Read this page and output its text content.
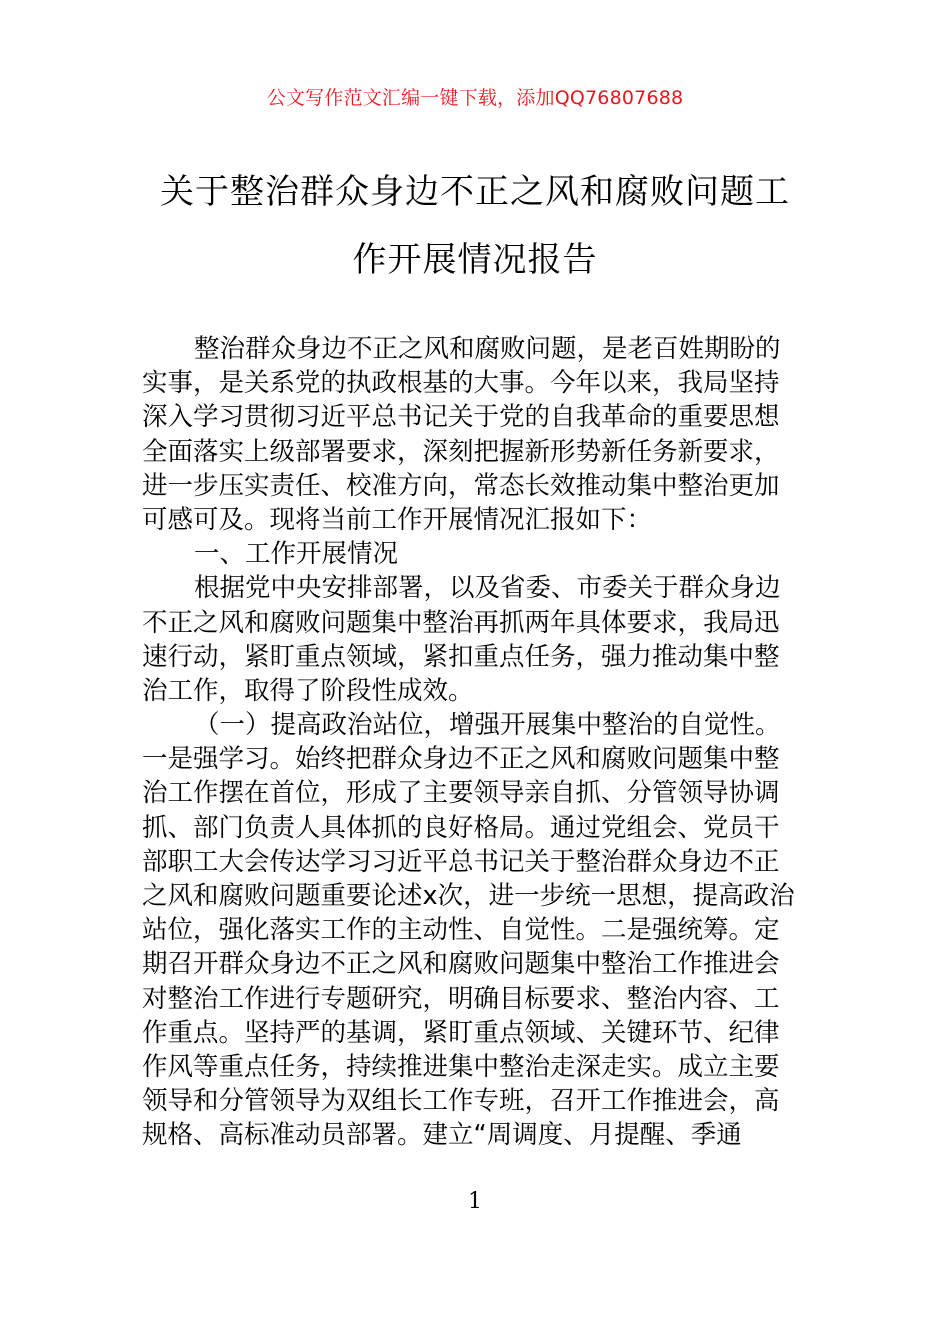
公文写作范文汇编一键下载，添加QQ76807688
关于整治群众身边不正之风和腐败问题工
作开展情况报告
整治群众身边不正之风和腐败问题，是老百姓期盼的
实事，是关系党的执政根基的大事。今年以来，我局坚持
深入学习贯彻习近平总书记关于党的自我革命的重要思想
全面落实上级部署要求，深刻把握新形势新任务新要求，
进一步压实责任、校准方向，常态长效推动集中整治更加
可感可及。现将当前工作开展情况汇报如下：
一、工作开展情况
根据党中央安排部署，以及省委、市委关于群众身边
不正之风和腐败问题集中整治再抓两年具体要求，我局迅
速行动，紧盯重点领域，紧扣重点任务，强力推动集中整
治工作，取得了阶段性成效。
（一）提高政治站位，增强开展集中整治的自觉性。
一是强学习。始终把群众身边不正之风和腐败问题集中整
治工作摆在首位，形成了主要领导亲自抓、分管领导协调
抓、部门负责人具体抓的良好格局。通过党组会、党员干
部职工大会传达学习习近平总书记关于整治群众身边不正
之风和腐败问题重要论述x次，进一步统一思想，提高政治
站位，强化落实工作的主动性、自觉性。二是强统筹。定
期召开群众身边不正之风和腐败问题集中整治工作推进会
对整治工作进行专题研究，明确目标要求、整治内容、工
作重点。坚持严的基调，紧盯重点领域、关键环节、纪律
作风等重点任务，持续推进集中整治走深走实。成立主要
领导和分管领导为双组长工作专班，召开工作推进会，高
规格、高标准动员部署。建立“周调度、月提醒、季通
1
